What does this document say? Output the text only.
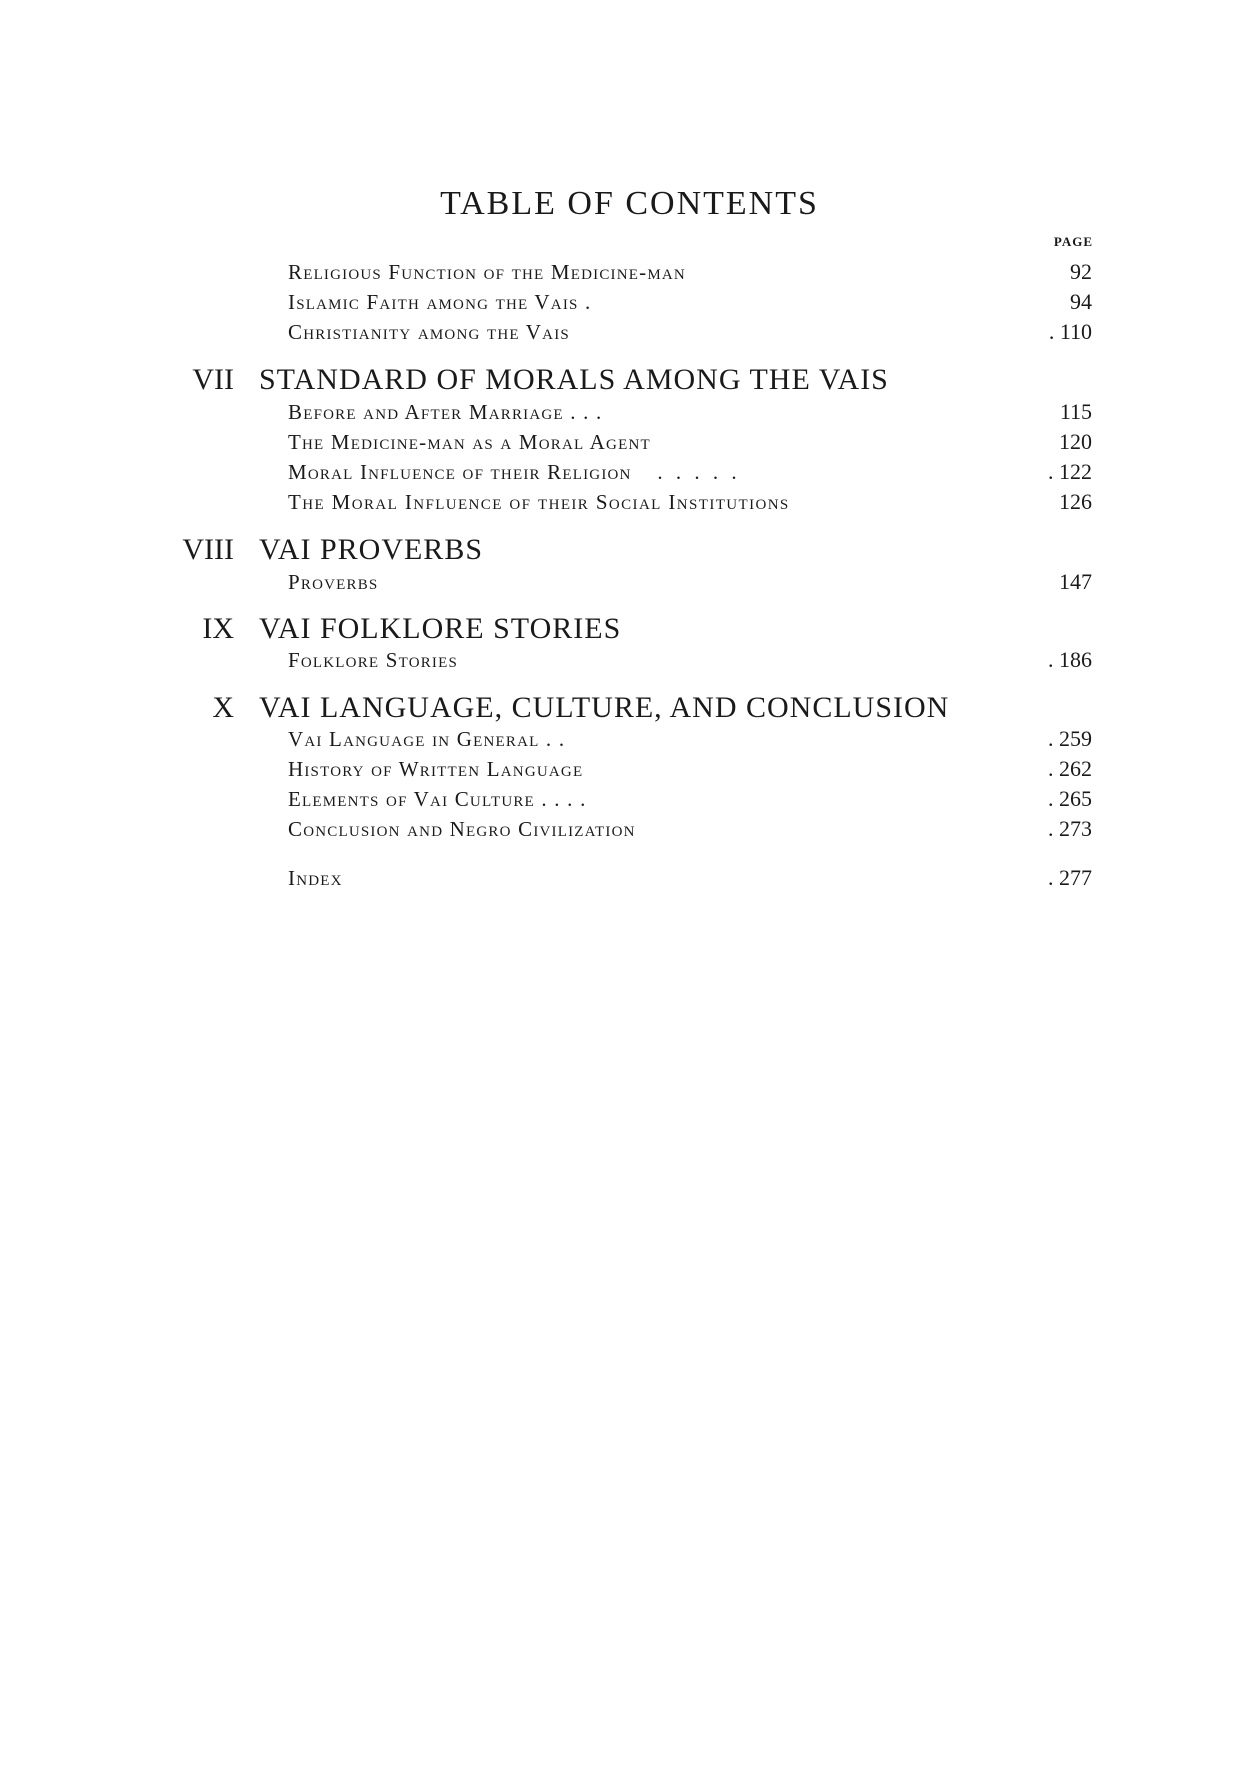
TABLE OF CONTENTS
PAGE
Religious Function of the Medicine-man	92
Islamic Faith among the Vais .	94
Christianity among the Vais	. 110
VII STANDARD OF MORALS AMONG THE VAIS
Before and After Marriage . . .	115
The Medicine-man as a Moral Agent	120
Moral Influence of their Religion . . . . .	. 122
The Moral Influence of their Social Institutions	126
VIII VAI PROVERBS
Proverbs	147
IX VAI FOLKLORE STORIES
Folklore Stories	. 186
X VAI LANGUAGE, CULTURE, AND CONCLUSION
Vai Language in General . .	. 259
History of Written Language	. 262
Elements of Vai Culture . . . .	. 265
Conclusion and Negro Civilization	. 273
Index	. 277
